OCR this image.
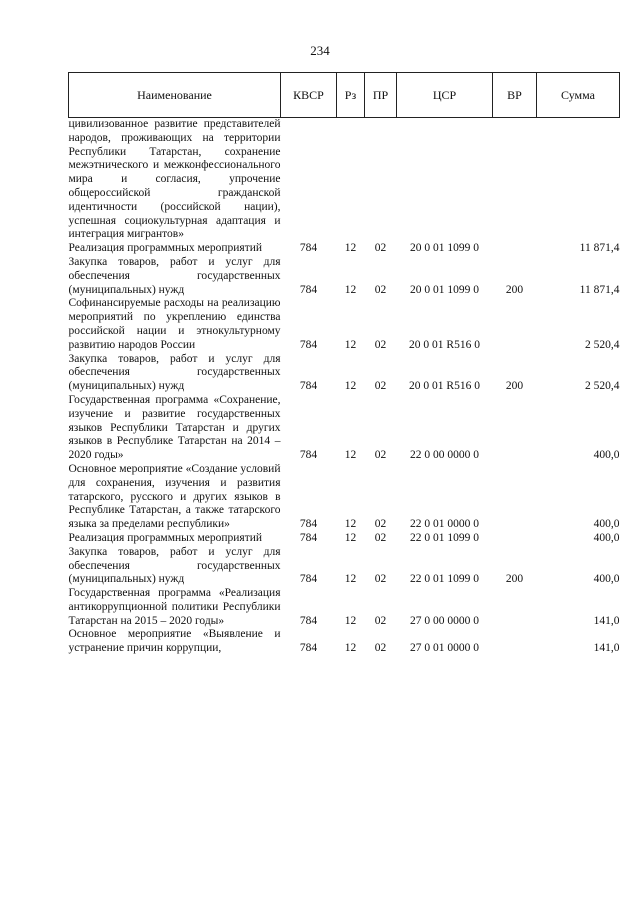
234
Наименование	КВСР	Рз	ПР	ЦСР	ВР	Сумма
цивилизованное развитие представителей народов, проживающих на территории Республики Татарстан, сохранение межэтнического и межконфессионального мира и согласия, упрочение общероссийской гражданской идентичности (российской нации), успешная социокультурная адаптация и интеграция мигрантов»						
Реализация программных мероприятий	784	12	02	20 0 01 1099 0		11 871,4
Закупка товаров, работ и услуг для обеспечения государственных (муниципальных) нужд	784	12	02	20 0 01 1099 0	200	11 871,4
Софинансируемые расходы на реализацию мероприятий по укреплению единства российской нации и этнокультурному развитию народов России	784	12	02	20 0 01 R516 0		2 520,4
Закупка товаров, работ и услуг для обеспечения государственных (муниципальных) нужд	784	12	02	20 0 01 R516 0	200	2 520,4
Государственная программа «Сохранение, изучение и развитие государственных языков Республики Татарстан и других языков в Республике Татарстан на 2014 – 2020 годы»	784	12	02	22 0 00 0000 0		400,0
Основное мероприятие «Создание условий для сохранения, изучения и развития татарского, русского и других языков в Республике Татарстан, а также татарского языка за пределами республики»	784	12	02	22 0 01 0000 0		400,0
Реализация программных мероприятий	784	12	02	22 0 01 1099 0		400,0
Закупка товаров, работ и услуг для обеспечения государственных (муниципальных) нужд	784	12	02	22 0 01 1099 0	200	400,0
Государственная программа «Реализация антикоррупционной политики Республики Татарстан на 2015 – 2020 годы»	784	12	02	27 0 00 0000 0		141,0
Основное мероприятие «Выявление и устранение причин коррупции,	784	12	02	27 0 01 0000 0		141,0
